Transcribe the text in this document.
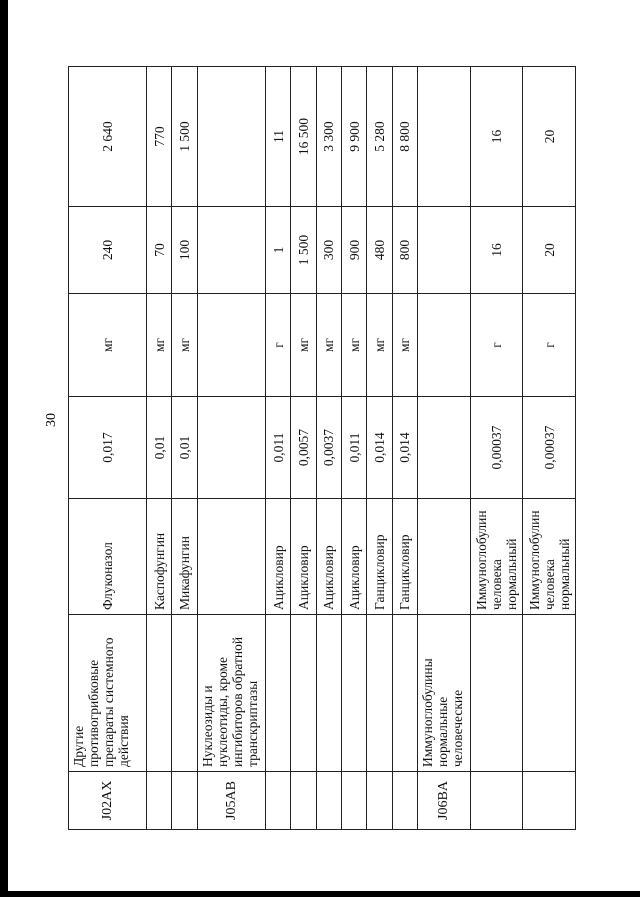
30
J02AX	Другие
противогрибковые
препараты системного
действия	Флуконазол	0,017	мг	240	2 640
		Каспофунгин	0,01	мг	70	770
		Микафунгин	0,01	мг	100	1 500
J05AB	Нуклеозиды и
нуклеотиды, кроме
ингибиторов обратной
транскриптазы					
		Ацикловир	0,011	г	1	11
		Ацикловир	0,0057	мг	1 500	16 500
		Ацикловир	0,0037	мг	300	3 300
		Ацикловир	0,011	мг	900	9 900
		Ганцикловир	0,014	мг	480	5 280
		Ганцикловир	0,014	мг	800	8 800
J06BA	Иммуноглобулины
нормальные
человеческие					
		Иммуноглобулин
человека нормальный	0,00037	г	16	16
		Иммуноглобулин
человека нормальный	0,00037	г	20	20
